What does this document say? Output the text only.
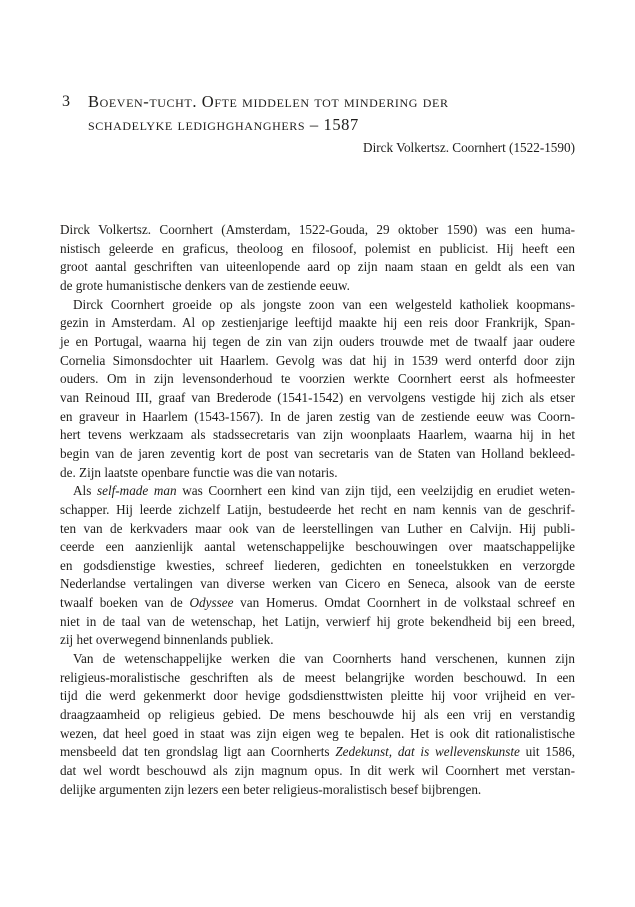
3	Boeven-tucht. Ofte middelen tot mindering der
schadelyke ledighghanghers – 1587
Dirck Volkertsz. Coornhert (1522-1590)
Dirck Volkertsz. Coornhert (Amsterdam, 1522-Gouda, 29 oktober 1590) was een huma-
nistisch geleerde en graficus, theoloog en filosoof, polemist en publicist. Hij heeft een
groot aantal geschriften van uiteenlopende aard op zijn naam staan en geldt als een van
de grote humanistische denkers van de zestiende eeuw.
Dirck Coornhert groeide op als jongste zoon van een welgesteld katholiek koopmans-
gezin in Amsterdam. Al op zestienjarige leeftijd maakte hij een reis door Frankrijk, Span-
je en Portugal, waarna hij tegen de zin van zijn ouders trouwde met de twaalf jaar oudere
Cornelia Simonsdochter uit Haarlem. Gevolg was dat hij in 1539 werd onterfd door zijn
ouders. Om in zijn levensonderhoud te voorzien werkte Coornhert eerst als hofmeester
van Reinoud III, graaf van Brederode (1541-1542) en vervolgens vestigde hij zich als etser
en graveur in Haarlem (1543-1567). In de jaren zestig van de zestiende eeuw was Coorn-
hert tevens werkzaam als stadssecretaris van zijn woonplaats Haarlem, waarna hij in het
begin van de jaren zeventig kort de post van secretaris van de Staten van Holland bekleed-
de. Zijn laatste openbare functie was die van notaris.
Als self-made man was Coornhert een kind van zijn tijd, een veelzijdig en erudiet weten-
schapper. Hij leerde zichzelf Latijn, bestudeerde het recht en nam kennis van de geschrif-
ten van de kerkvaders maar ook van de leerstellingen van Luther en Calvijn. Hij publi-
ceerde een aanzienlijk aantal wetenschappelijke beschouwingen over maatschappelijke
en godsdienstige kwesties, schreef liederen, gedichten en toneelstukken en verzorgde
Nederlandse vertalingen van diverse werken van Cicero en Seneca, alsook van de eerste
twaalf boeken van de Odyssee van Homerus. Omdat Coornhert in de volkstaal schreef en
niet in de taal van de wetenschap, het Latijn, verwierf hij grote bekendheid bij een breed,
zij het overwegend binnenlands publiek.
Van de wetenschappelijke werken die van Coornherts hand verschenen, kunnen zijn
religieus-moralistische geschriften als de meest belangrijke worden beschouwd. In een
tijd die werd gekenmerkt door hevige godsdiensttwisten pleitte hij voor vrijheid en ver-
draagzaamheid op religieus gebied. De mens beschouwde hij als een vrij en verstandig
wezen, dat heel goed in staat was zijn eigen weg te bepalen. Het is ook dit rationalistische
mensbeeld dat ten grondslag ligt aan Coornherts Zedekunst, dat is wellevenskunste uit 1586,
dat wel wordt beschouwd als zijn magnum opus. In dit werk wil Coornhert met verstan-
delijke argumenten zijn lezers een beter religieus-moralistisch besef bijbrengen.
